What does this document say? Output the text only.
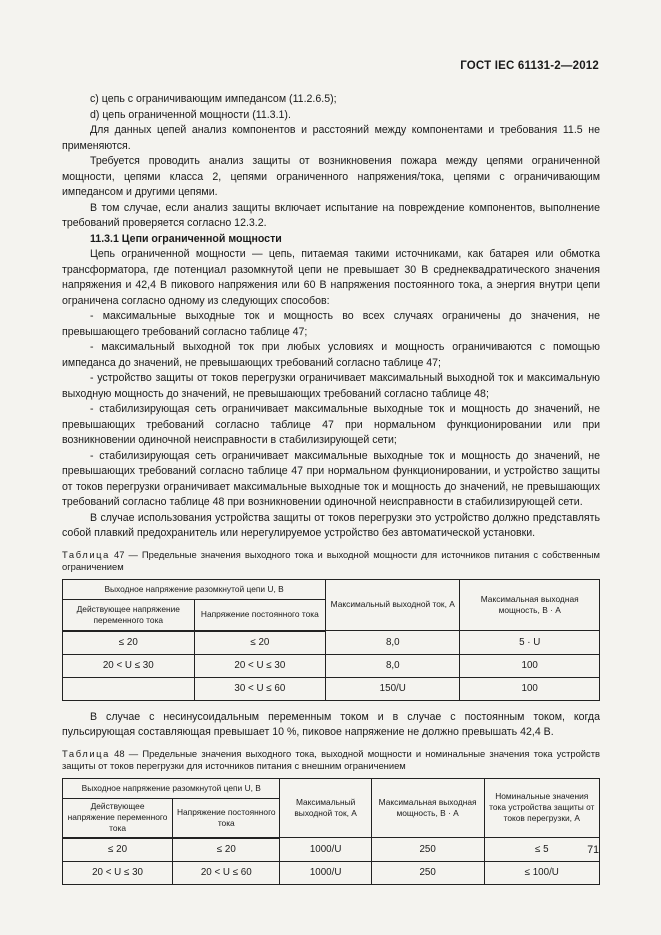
ГОСТ IEC 61131-2—2012

c) цепь с ограничивающим импедансом (11.2.6.5);

d) цепь ограниченной мощности (11.3.1).

Для данных цепей анализ компонентов и расстояний между компонентами и требования 11.5 не применяются.

Требуется проводить анализ защиты от возникновения пожара между цепями ограниченной мощности, цепями класса 2, цепями ограниченного напряжения/тока, цепями с ограничивающим импедансом и другими цепями.

В том случае, если анализ защиты включает испытание на повреждение компонентов, выполнение требований проверяется согласно 12.3.2.

11.3.1 Цепи ограниченной мощности

Цепь ограниченной мощности — цепь, питаемая такими источниками, как батарея или обмотка трансформатора, где потенциал разомкнутой цепи не превышает 30 В среднеквадратического значения напряжения и 42,4 В пикового напряжения или 60 В напряжения постоянного тока, а энергия внутри цепи ограничена согласно одному из следующих способов:

- максимальные выходные ток и мощность во всех случаях ограничены до значения, не превышающего требований согласно таблице 47;

- максимальный выходной ток при любых условиях и мощность ограничиваются с помощью импеданса до значений, не превышающих требований согласно таблице 47;

- устройство защиты от токов перегрузки ограничивает максимальный выходной ток и максимальную выходную мощность до значений, не превышающих требований согласно таблице 48;

- стабилизирующая сеть ограничивает максимальные выходные ток и мощность до значений, не превышающих требований согласно таблице 47 при нормальном функционировании или при возникновении одиночной неисправности в стабилизирующей сети;

- стабилизирующая сеть ограничивает максимальные выходные ток и мощность до значений, не превышающих требований согласно таблице 47 при нормальном функционировании, и устройство защиты от токов перегрузки ограничивает максимальные выходные ток и мощность до значений, не превышающих требований согласно таблице 48 при возникновении одиночной неисправности в стабилизирующей сети.

В случае использования устройства защиты от токов перегрузки это устройство должно представлять собой плавкий предохранитель или нерегулируемое устройство без автоматической установки.

Таблица 47 — Предельные значения выходного тока и выходной мощности для источников питания с собственным ограничением

Выходное напряжение разомкнутой цепи U, В		Максимальный выходной ток, А	Максимальная выходная мощность, В · А
Действующее напряжение переменного тока	Напряжение постоянного тока		
≤ 20	≤ 20	8,0	5 · U
20 < U ≤ 30	20 < U ≤ 30	8,0	100
	30 < U ≤ 60	150/U	100

В случае с несинусоидальным переменным током и в случае с постоянным током, когда пульсирующая составляющая превышает 10 %, пиковое напряжение не должно превышать 42,4 В.

Таблица 48 — Предельные значения выходного тока, выходной мощности и номинальные значения тока устройств защиты от токов перегрузки для источников питания с внешним ограничением

Выходное напряжение разомкнутой цепи U, В		Максимальный выходной ток, А	Максимальная выходная мощность, В · А	Номинальные значения тока устройства защиты от токов перегрузки, А
Действующее напряжение переменного тока	Напряжение постоянного тока			
≤ 20	≤ 20	1000/U	250	≤ 5
20 < U ≤ 30	20 < U ≤ 60	1000/U	250	≤ 100/U
71
